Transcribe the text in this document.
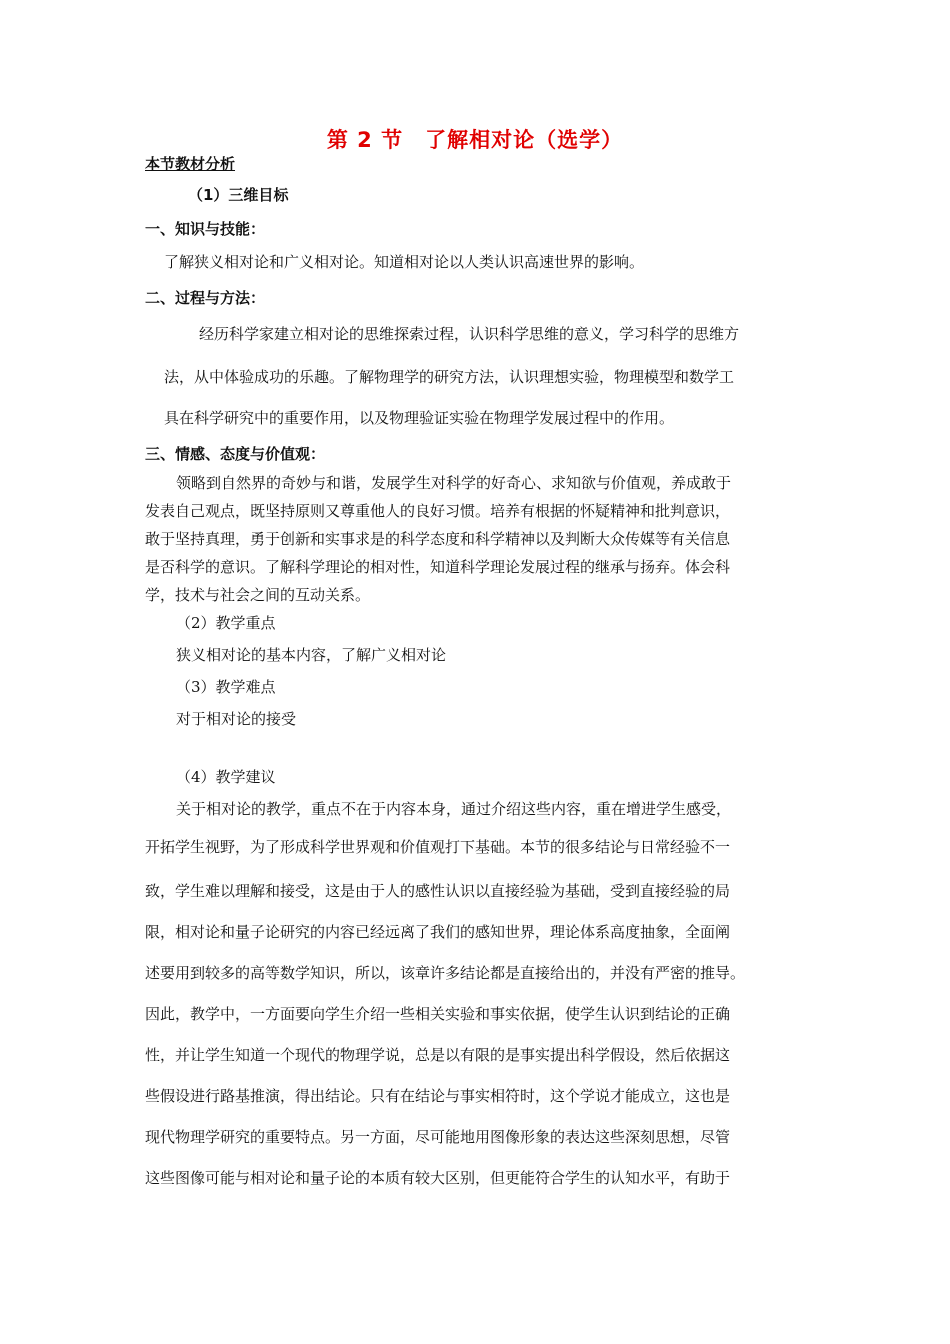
第 2 节　了解相对论（选学）
本节教材分析
（1）三维目标
一、知识与技能：
了解狭义相对论和广义相对论。知道相对论以人类认识高速世界的影响。
二、过程与方法：

经历科学家建立相对论的思维探索过程，认识科学思维的意义，学习科学的思维方

法，从中体验成功的乐趣。了解物理学的研究方法，认识理想实验，物理模型和数学工

具在科学研究中的重要作用，以及物理验证实验在物理学发展过程中的作用。

三、情感、态度与价值观：

领略到自然界的奇妙与和谐，发展学生对科学的好奇心、求知欲与价值观，养成敢于

发表自己观点，既坚持原则又尊重他人的良好习惯。培养有根据的怀疑精神和批判意识，

敢于坚持真理，勇于创新和实事求是的科学态度和科学精神以及判断大众传媒等有关信息

是否科学的意识。了解科学理论的相对性，知道科学理论发展过程的继承与扬弃。体会科

学，技术与社会之间的互动关系。

（2）教学重点
狭义相对论的基本内容，了解广义相对论
（3）教学难点
对于相对论的接受
（4）教学建议

关于相对论的教学，重点不在于内容本身，通过介绍这些内容，重在增进学生感受，

开拓学生视野，为了形成科学世界观和价值观打下基础。本节的很多结论与日常经验不一

致，学生难以理解和接受，这是由于人的感性认识以直接经验为基础，受到直接经验的局

限，相对论和量子论研究的内容已经远离了我们的感知世界，理论体系高度抽象，全面阐

述要用到较多的高等数学知识，所以，该章许多结论都是直接给出的，并没有严密的推导。

因此，教学中，一方面要向学生介绍一些相关实验和事实依据，使学生认识到结论的正确

性，并让学生知道一个现代的物理学说，总是以有限的是事实提出科学假设，然后依据这

些假设进行路基推演，得出结论。只有在结论与事实相符时，这个学说才能成立，这也是

现代物理学研究的重要特点。另一方面，尽可能地用图像形象的表达这些深刻思想，尽管

这些图像可能与相对论和量子论的本质有较大区别，但更能符合学生的认知水平，有助于
